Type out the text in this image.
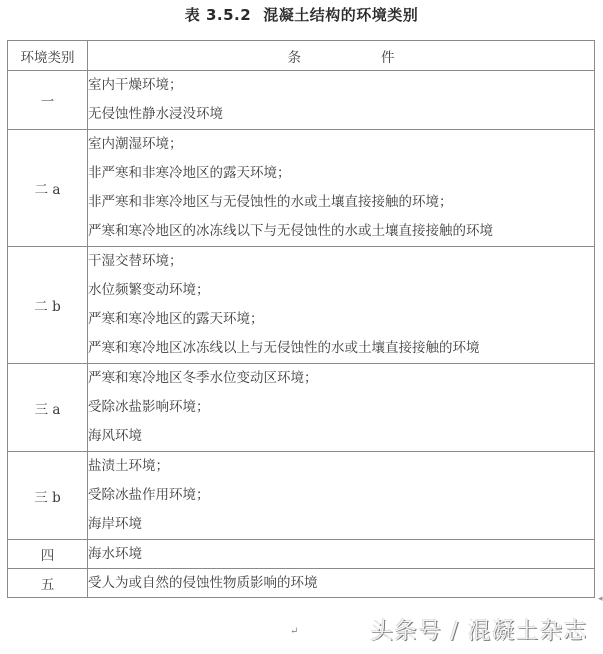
表 3.5.2 混凝土结构的环境类别
环境类别	条 件
一	室内干燥环境；
无侵蚀性静水浸没环境

二 a	室内潮湿环境；
非严寒和非寒冷地区的露天环境；
非严寒和非寒冷地区与无侵蚀性的水或土壤直接接触的环境；
严寒和寒冷地区的冰冻线以下与无侵蚀性的水或土壤直接接触的环境

二 b	干湿交替环境；
水位频繁变动环境；
严寒和寒冷地区的露天环境；
严寒和寒冷地区冰冻线以上与无侵蚀性的水或土壤直接接触的环境

三 a	严寒和寒冷地区冬季水位变动区环境；
受除冰盐影响环境；
海风环境

三 b	盐渍土环境；
受除冰盐作用环境；
海岸环境

四	海水环境

五	受人为或自然的侵蚀性物质影响的环境
◂
↵	头条号 / 混凝土杂志
